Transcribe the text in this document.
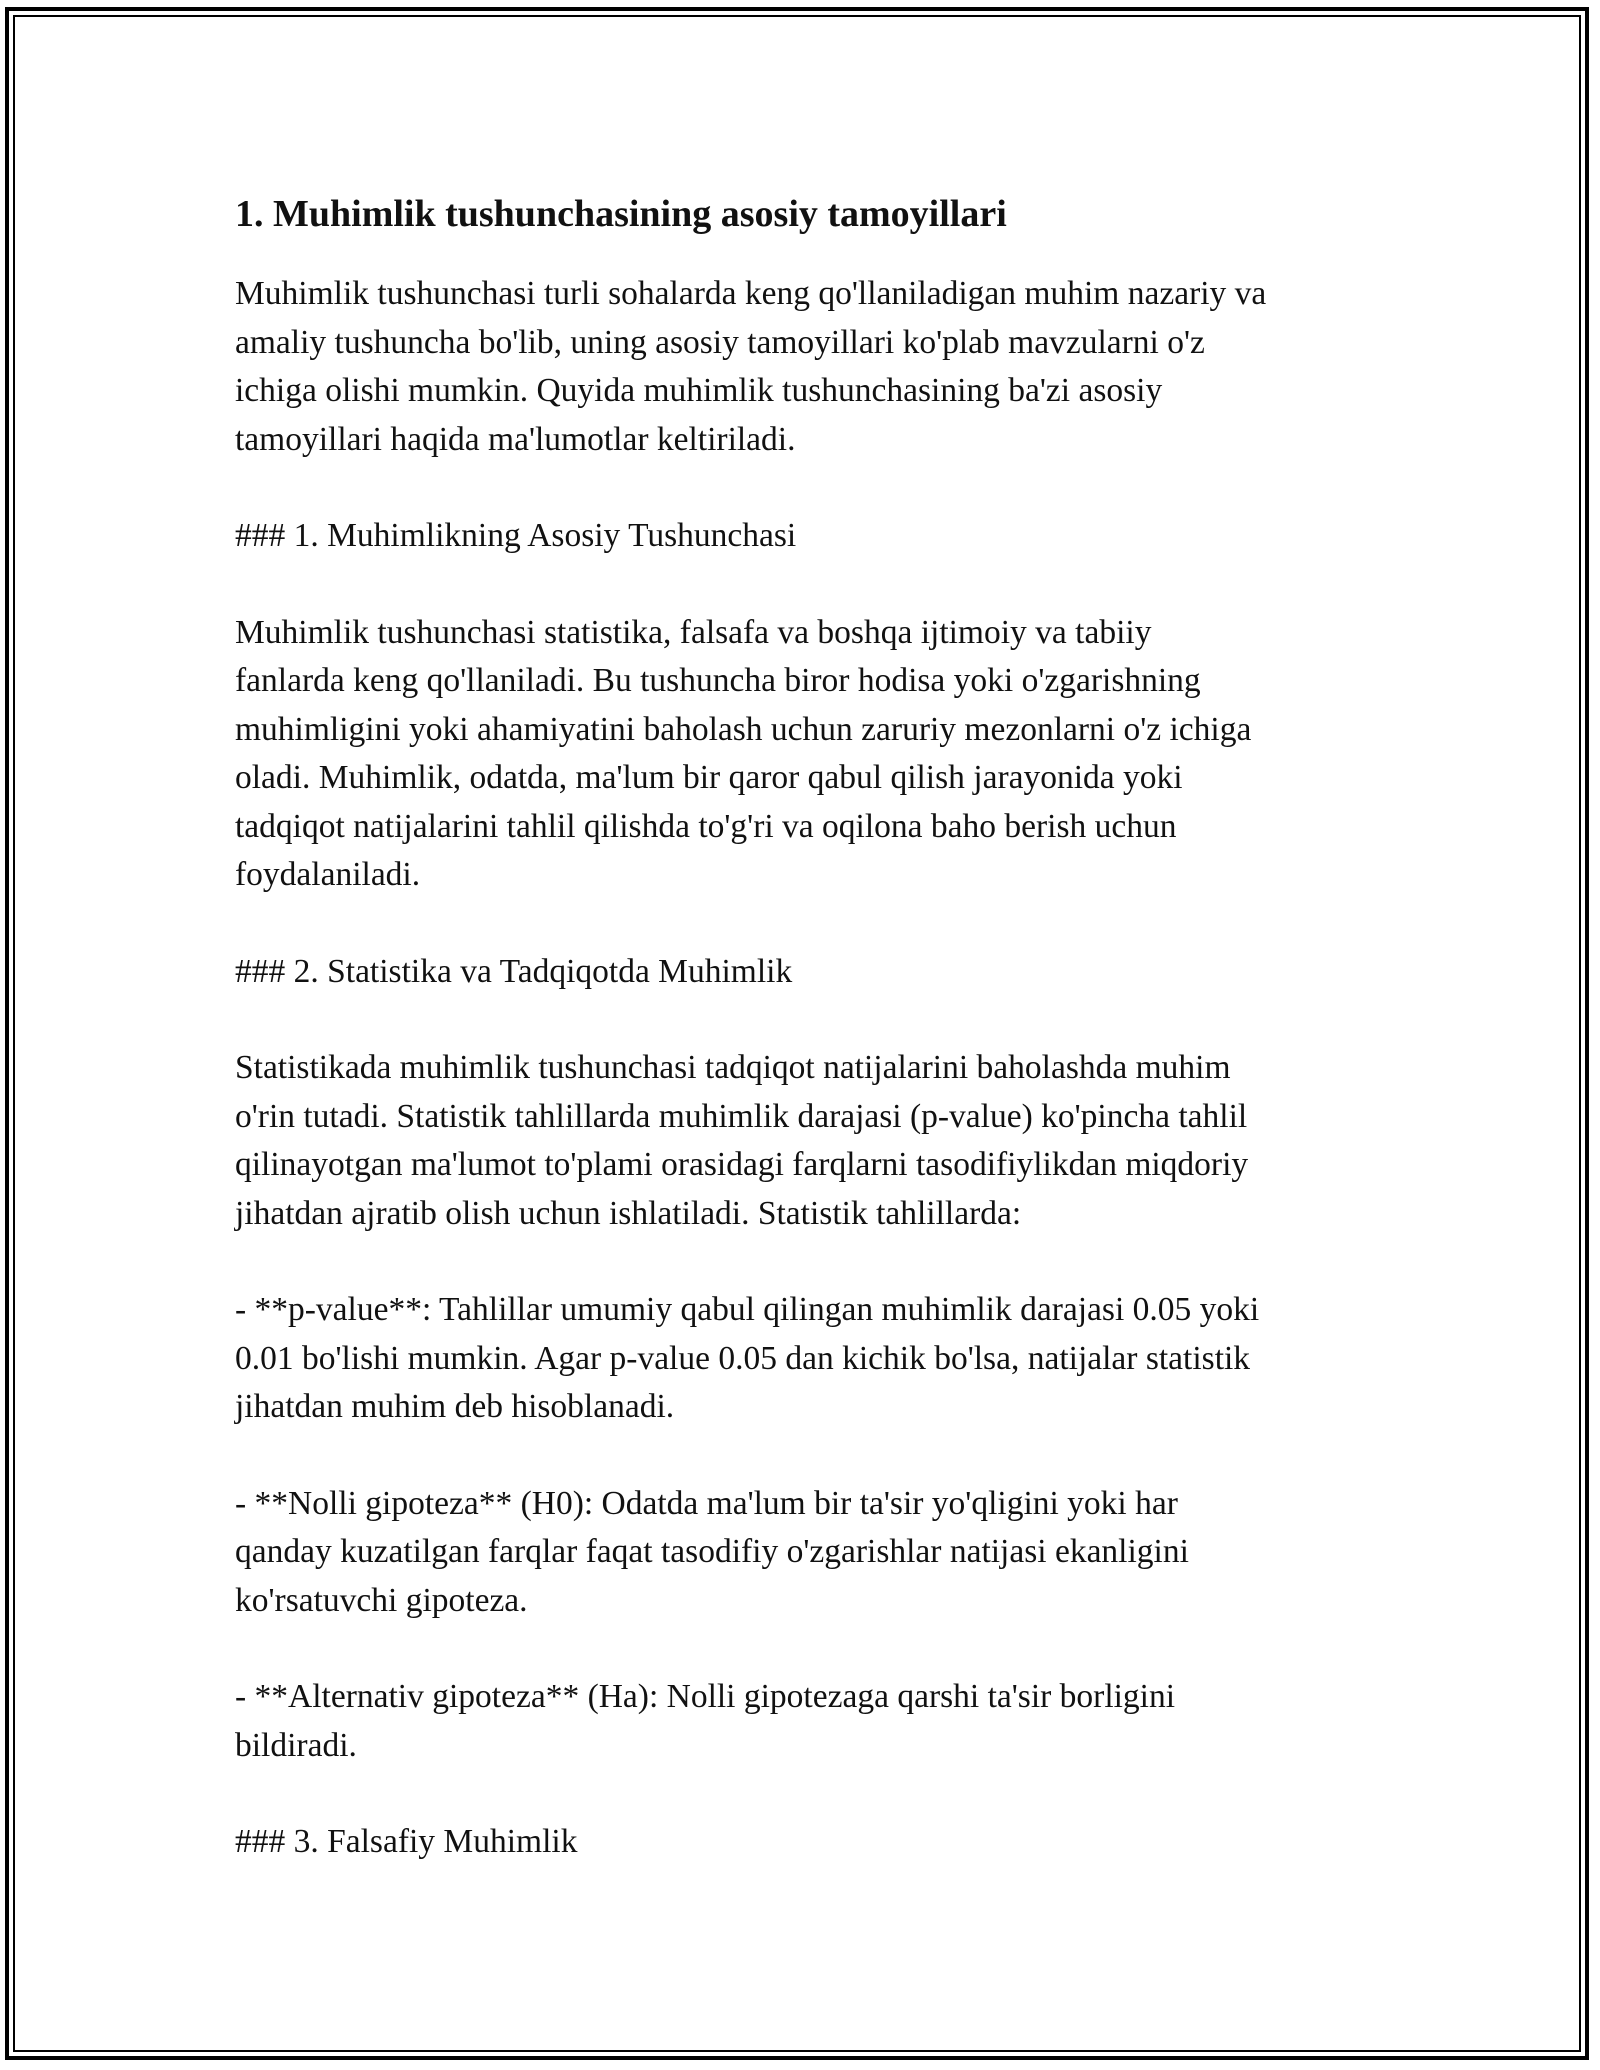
1. Muhimlik tushunchasining asosiy tamoyillari

Muhimlik tushunchasi turli sohalarda keng qo'llaniladigan muhim nazariy va
amaliy tushuncha bo'lib, uning asosiy tamoyillari ko'plab mavzularni o'z
ichiga olishi mumkin. Quyida muhimlik tushunchasining ba'zi asosiy
tamoyillari haqida ma'lumotlar keltiriladi.

### 1. Muhimlikning Asosiy Tushunchasi

Muhimlik tushunchasi statistika, falsafa va boshqa ijtimoiy va tabiiy
fanlarda keng qo'llaniladi. Bu tushuncha biror hodisa yoki o'zgarishning
muhimligini yoki ahamiyatini baholash uchun zaruriy mezonlarni o'z ichiga
oladi. Muhimlik, odatda, ma'lum bir qaror qabul qilish jarayonida yoki
tadqiqot natijalarini tahlil qilishda to'g'ri va oqilona baho berish uchun
foydalaniladi.

### 2. Statistika va Tadqiqotda Muhimlik

Statistikada muhimlik tushunchasi tadqiqot natijalarini baholashda muhim
o'rin tutadi. Statistik tahlillarda muhimlik darajasi (p-value) ko'pincha tahlil
qilinayotgan ma'lumot to'plami orasidagi farqlarni tasodifiylikdan miqdoriy
jihatdan ajratib olish uchun ishlatiladi. Statistik tahlillarda:

- **p-value**: Tahlillar umumiy qabul qilingan muhimlik darajasi 0.05 yoki
0.01 bo'lishi mumkin. Agar p-value 0.05 dan kichik bo'lsa, natijalar statistik
jihatdan muhim deb hisoblanadi.

- **Nolli gipoteza** (H0): Odatda ma'lum bir ta'sir yo'qligini yoki har
qanday kuzatilgan farqlar faqat tasodifiy o'zgarishlar natijasi ekanligini
ko'rsatuvchi gipoteza.

- **Alternativ gipoteza** (Ha): Nolli gipotezaga qarshi ta'sir borligini
bildiradi.

### 3. Falsafiy Muhimlik
